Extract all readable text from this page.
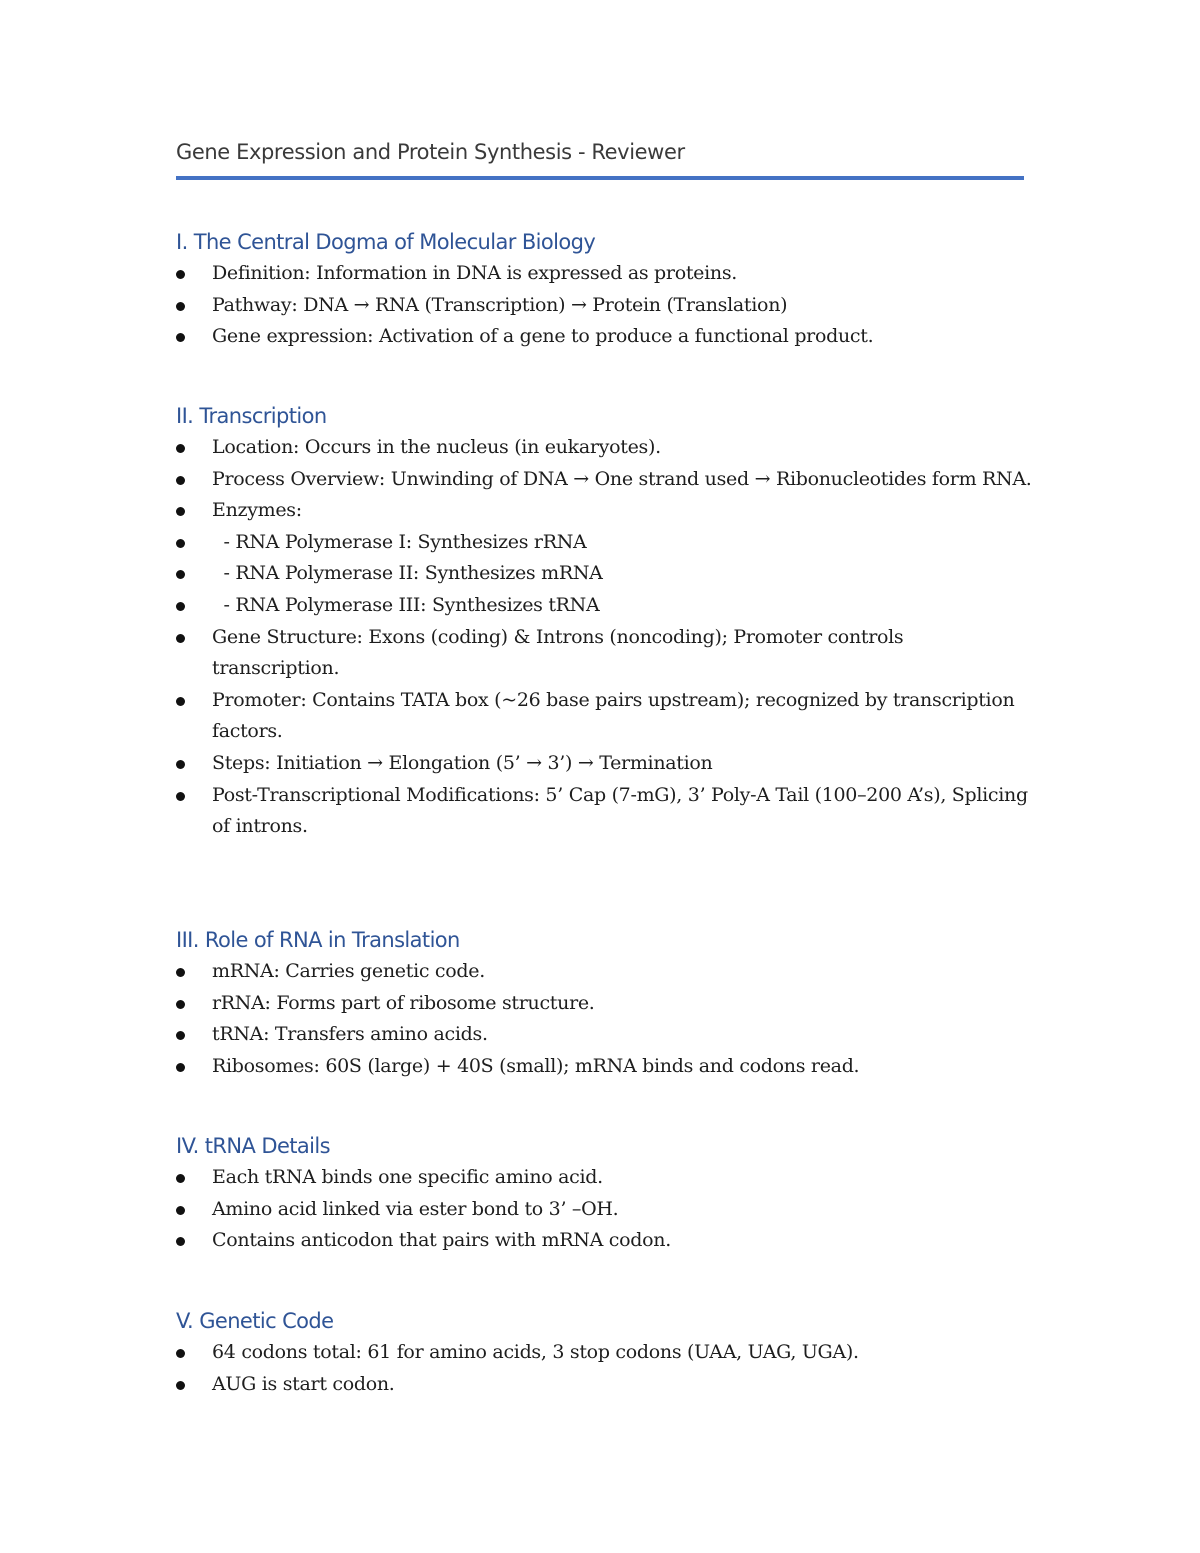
Gene Expression and Protein Synthesis - Reviewer
I. The Central Dogma of Molecular Biology
Definition: Information in DNA is expressed as proteins.
Pathway: DNA → RNA (Transcription) → Protein (Translation)
Gene expression: Activation of a gene to produce a functional product.
II. Transcription
Location: Occurs in the nucleus (in eukaryotes).
Process Overview: Unwinding of DNA → One strand used → Ribonucleotides form RNA.
Enzymes:
- RNA Polymerase I: Synthesizes rRNA
- RNA Polymerase II: Synthesizes mRNA
- RNA Polymerase III: Synthesizes tRNA
Gene Structure: Exons (coding) & Introns (noncoding); Promoter controls transcription.
Promoter: Contains TATA box (~26 base pairs upstream); recognized by transcription factors.
Steps: Initiation → Elongation (5’ → 3’) → Termination
Post-Transcriptional Modifications: 5’ Cap (7-mG), 3’ Poly-A Tail (100–200 A’s), Splicing of introns.
III. Role of RNA in Translation
mRNA: Carries genetic code.
rRNA: Forms part of ribosome structure.
tRNA: Transfers amino acids.
Ribosomes: 60S (large) + 40S (small); mRNA binds and codons read.
IV. tRNA Details
Each tRNA binds one specific amino acid.
Amino acid linked via ester bond to 3’ –OH.
Contains anticodon that pairs with mRNA codon.
V. Genetic Code
64 codons total: 61 for amino acids, 3 stop codons (UAA, UAG, UGA).
AUG is start codon.
